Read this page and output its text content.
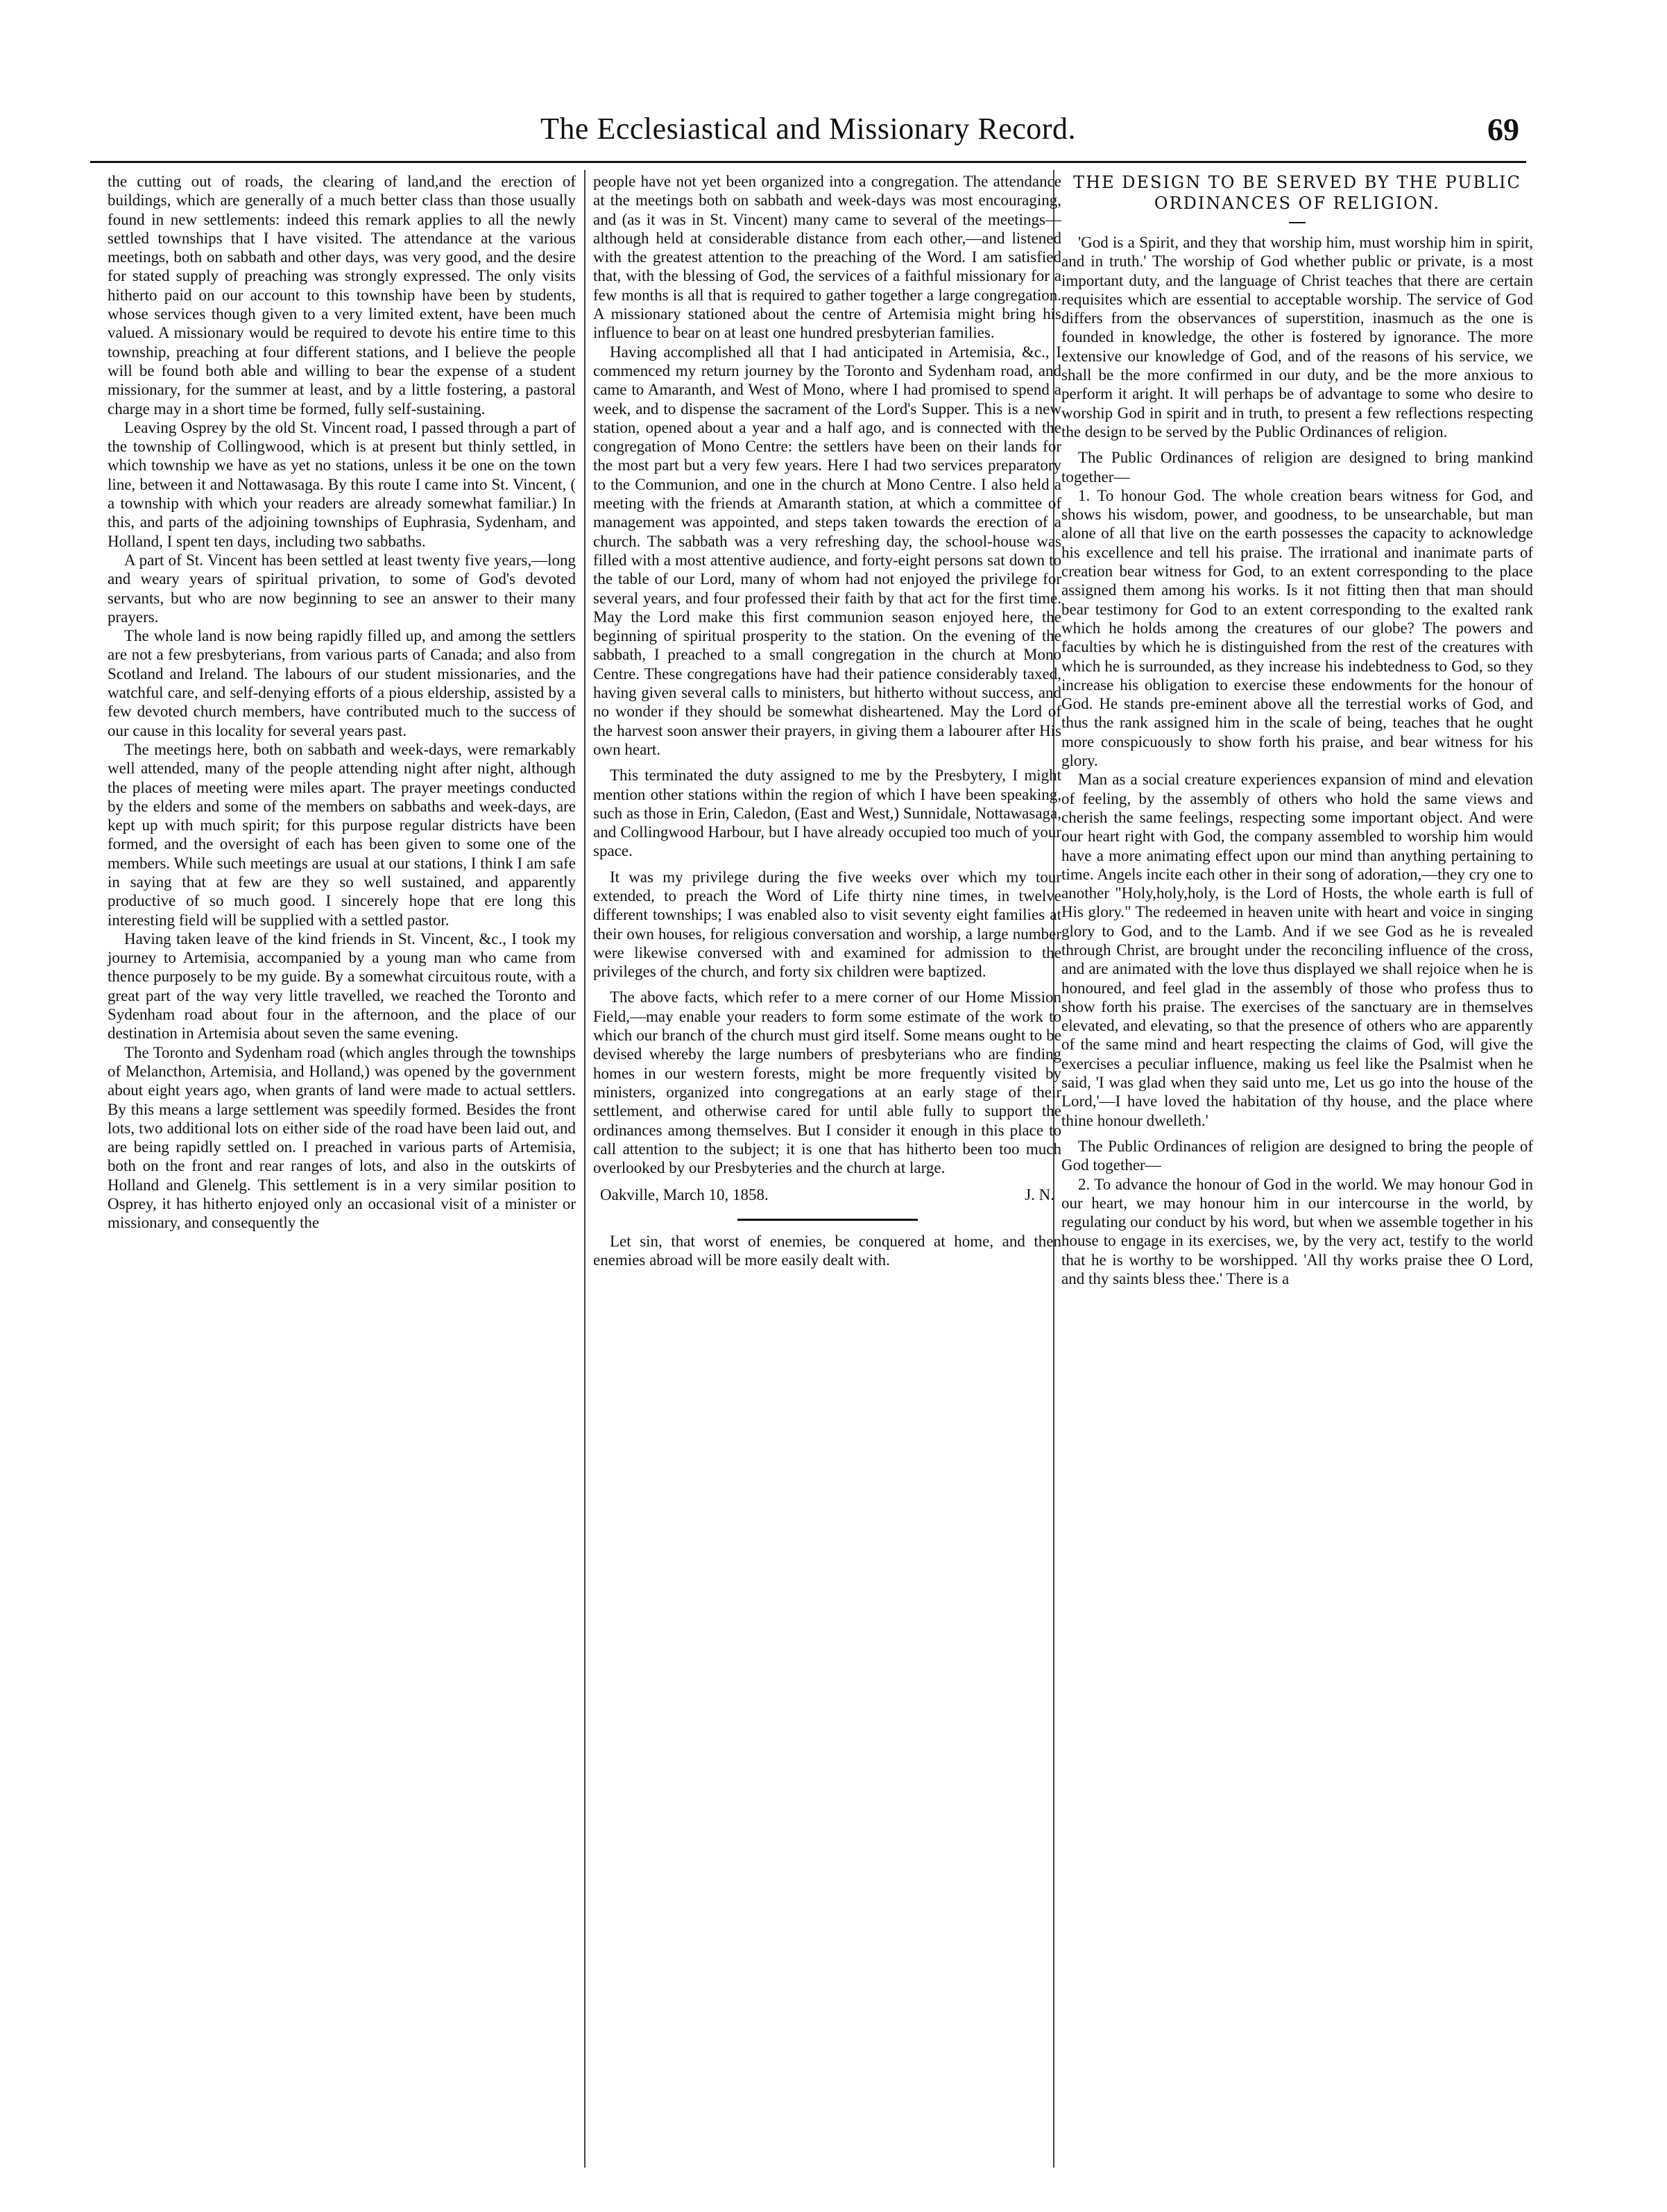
The Ecclesiastical and Missionary Record.	69

the cutting out of roads, the clearing of land,and the erection of buildings, which are generally of a much better class than those usually found in new settlements: indeed this remark applies to all the newly settled townships that I have visited. The attendance at the various meetings, both on sabbath and other days, was very good, and the desire for stated supply of preaching was strongly expressed. The only visits hitherto paid on our account to this township have been by students, whose services though given to a very limited extent, have been much valued. A missionary would be required to devote his entire time to this township, preaching at four different stations, and I believe the people will be found both able and willing to bear the expense of a student missionary, for the summer at least, and by a little fostering, a pastoral charge may in a short time be formed, fully self-sustaining.

Leaving Osprey by the old St. Vincent road, I passed through a part of the township of Collingwood, which is at present but thinly settled, in which township we have as yet no stations, unless it be one on the town line, between it and Nottawasaga. By this route I came into St. Vincent, ( a township with which your readers are already somewhat familiar.) In this, and parts of the adjoining townships of Euphrasia, Sydenham, and Holland, I spent ten days, including two sabbaths.

A part of St. Vincent has been settled at least twenty five years,—long and weary years of spiritual privation, to some of God's devoted servants, but who are now beginning to see an answer to their many prayers.

The whole land is now being rapidly filled up, and among the settlers are not a few presbyterians, from various parts of Canada; and also from Scotland and Ireland. The labours of our student missionaries, and the watchful care, and self-denying efforts of a pious eldership, assisted by a few devoted church members, have contributed much to the success of our cause in this locality for several years past.

The meetings here, both on sabbath and week-days, were remarkably well attended, many of the people attending night after night, although the places of meeting were miles apart. The prayer meetings conducted by the elders and some of the members on sabbaths and week-days, are kept up with much spirit; for this purpose regular districts have been formed, and the oversight of each has been given to some one of the members. While such meetings are usual at our stations, I think I am safe in saying that at few are they so well sustained, and apparently productive of so much good. I sincerely hope that ere long this interesting field will be supplied with a settled pastor.

Having taken leave of the kind friends in St. Vincent, &c., I took my journey to Artemisia, accompanied by a young man who came from thence purposely to be my guide. By a somewhat circuitous route, with a great part of the way very little travelled, we reached the Toronto and Sydenham road about four in the afternoon, and the place of our destination in Artemisia about seven the same evening.

The Toronto and Sydenham road (which angles through the townships of Melancthon, Artemisia, and Holland,) was opened by the government about eight years ago, when grants of land were made to actual settlers. By this means a large settlement was speedily formed. Besides the front lots, two additional lots on either side of the road have been laid out, and are being rapidly settled on. I preached in various parts of Artemisia, both on the front and rear ranges of lots, and also in the outskirts of Holland and Glenelg. This settlement is in a very similar position to Osprey, it has hitherto enjoyed only an occasional visit of a minister or missionary, and consequently the

people have not yet been organized into a congregation. The attendance at the meetings both on sabbath and week-days was most encouraging, and (as it was in St. Vincent) many came to several of the meetings—although held at considerable distance from each other,—and listened with the greatest attention to the preaching of the Word. I am satisfied that, with the blessing of God, the services of a faithful missionary for a few months is all that is required to gather together a large congregation. A missionary stationed about the centre of Artemisia might bring his influence to bear on at least one hundred presbyterian families.

Having accomplished all that I had anticipated in Artemisia, &c., I commenced my return journey by the Toronto and Sydenham road, and came to Amaranth, and West of Mono, where I had promised to spend a week, and to dispense the sacrament of the Lord's Supper. This is a new station, opened about a year and a half ago, and is connected with the congregation of Mono Centre: the settlers have been on their lands for the most part but a very few years. Here I had two services preparatory to the Communion, and one in the church at Mono Centre. I also held a meeting with the friends at Amaranth station, at which a committee of management was appointed, and steps taken towards the erection of a church. The sabbath was a very refreshing day, the school-house was filled with a most attentive audience, and forty-eight persons sat down to the table of our Lord, many of whom had not enjoyed the privilege for several years, and four professed their faith by that act for the first time. May the Lord make this first communion season enjoyed here, the beginning of spiritual prosperity to the station. On the evening of the sabbath, I preached to a small congregation in the church at Mono Centre. These congregations have had their patience considerably taxed, having given several calls to ministers, but hitherto without success, and no wonder if they should be somewhat disheartened. May the Lord of the harvest soon answer their prayers, in giving them a labourer after His own heart.

This terminated the duty assigned to me by the Presbytery, I might mention other stations within the region of which I have been speaking, such as those in Erin, Caledon, (East and West,) Sunnidale, Nottawasaga, and Collingwood Harbour, but I have already occupied too much of your space.

It was my privilege during the five weeks over which my tour extended, to preach the Word of Life thirty nine times, in twelve different townships; I was enabled also to visit seventy eight families at their own houses, for religious conversation and worship, a large number were likewise conversed with and examined for admission to the privileges of the church, and forty six children were baptized.

The above facts, which refer to a mere corner of our Home Mission Field,—may enable your readers to form some estimate of the work to which our branch of the church must gird itself. Some means ought to be devised whereby the large numbers of presbyterians who are finding homes in our western forests, might be more frequently visited by ministers, organized into congregations at an early stage of their settlement, and otherwise cared for until able fully to support the ordinances among themselves. But I consider it enough in this place to call attention to the subject; it is one that has hitherto been too much overlooked by our Presbyteries and the church at large.

Oakville, March 10, 1858.	J. N.

Let sin, that worst of enemies, be conquered at home, and then enemies abroad will be more easily dealt with.

THE DESIGN TO BE SERVED BY THE PUBLIC ORDINANCES OF RELIGION.

'God is a Spirit, and they that worship him, must worship him in spirit, and in truth.' The worship of God whether public or private, is a most important duty, and the language of Christ teaches that there are certain requisites which are essential to acceptable worship. The service of God differs from the observances of superstition, inasmuch as the one is founded in knowledge, the other is fostered by ignorance. The more extensive our knowledge of God, and of the reasons of his service, we shall be the more confirmed in our duty, and be the more anxious to perform it aright. It will perhaps be of advantage to some who desire to worship God in spirit and in truth, to present a few reflections respecting the design to be served by the Public Ordinances of religion.

The Public Ordinances of religion are designed to bring mankind together—

1. To honour God. The whole creation bears witness for God, and shows his wisdom, power, and goodness, to be unsearchable, but man alone of all that live on the earth possesses the capacity to acknowledge his excellence and tell his praise. The irrational and inanimate parts of creation bear witness for God, to an extent corresponding to the place assigned them among his works. Is it not fitting then that man should bear testimony for God to an extent corresponding to the exalted rank which he holds among the creatures of our globe? The powers and faculties by which he is distinguished from the rest of the creatures with which he is surrounded, as they increase his indebtedness to God, so they increase his obligation to exercise these endowments for the honour of God. He stands pre-eminent above all the terrestial works of God, and thus the rank assigned him in the scale of being, teaches that he ought more conspicuously to show forth his praise, and bear witness for his glory.

Man as a social creature experiences expansion of mind and elevation of feeling, by the assembly of others who hold the same views and cherish the same feelings, respecting some important object. And were our heart right with God, the company assembled to worship him would have a more animating effect upon our mind than anything pertaining to time. Angels incite each other in their song of adoration,—they cry one to another "Holy,holy,holy, is the Lord of Hosts, the whole earth is full of His glory." The redeemed in heaven unite with heart and voice in singing glory to God, and to the Lamb. And if we see God as he is revealed through Christ, are brought under the reconciling influence of the cross, and are animated with the love thus displayed we shall rejoice when he is honoured, and feel glad in the assembly of those who profess thus to show forth his praise. The exercises of the sanctuary are in themselves elevated, and elevating, so that the presence of others who are apparently of the same mind and heart respecting the claims of God, will give the exercises a peculiar influence, making us feel like the Psalmist when he said, 'I was glad when they said unto me, Let us go into the house of the Lord,'—I have loved the habitation of thy house, and the place where thine honour dwelleth.'

The Public Ordinances of religion are designed to bring the people of God together—

2. To advance the honour of God in the world. We may honour God in our heart, we may honour him in our intercourse in the world, by regulating our conduct by his word, but when we assemble together in his house to engage in its exercises, we, by the very act, testify to the world that he is worthy to be worshipped. 'All thy works praise thee O Lord, and thy saints bless thee.' There is a
